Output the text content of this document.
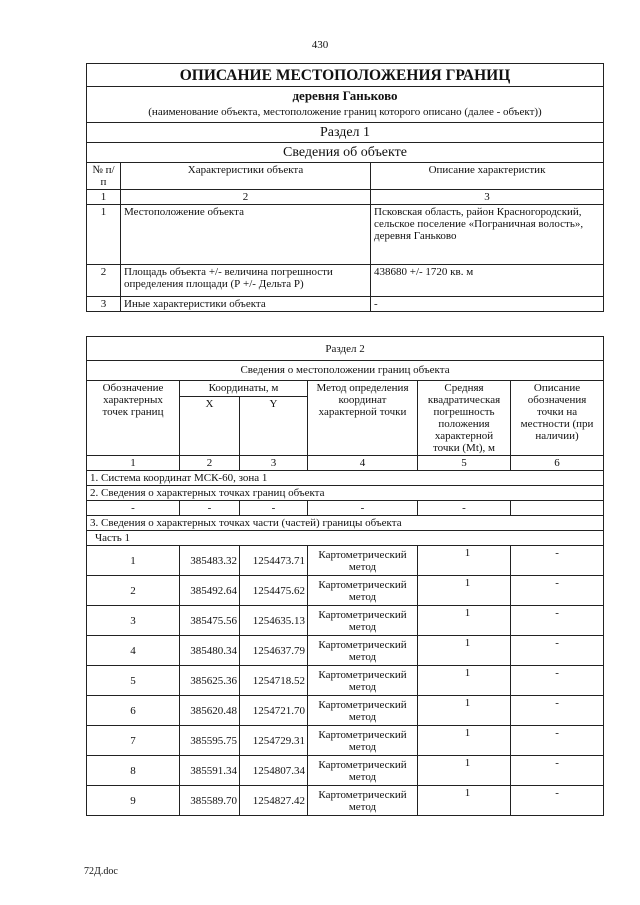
430
ОПИСАНИЕ МЕСТОПОЛОЖЕНИЯ ГРАНИЦ		
деревня Ганьково		
(наименование объекта, местоположение границ которого описано (далее - объект))		
Раздел 1		
Сведения об объекте		
№ п/п	Характеристики объекта	Описание характеристик
1	2	3
1	Местоположение объекта	Псковская область, район Красногородский, сельское поселение «Пограничная волость», деревня Ганьково
2	Площадь объекта +/- величина погрешности определения площади (Р +/- Дельта Р)	438680 +/- 1720 кв. м
3	Иные характеристики объекта	-
Раздел 2					
Сведения о местоположении границ объекта					
Обозначение характерных точек границ	Координаты, м		Метод определения координат характерной точки	Средняя квадратическая погрешность положения характерной точки (Mt), м	Описание обозначения точки на местности (при наличии)
	X	Y			
1	2	3	4	5	6
1. Система координат МСК-60, зона 1					
2. Сведения о характерных точках границ объекта					
-	-	-	-	-	
3. Сведения о характерных точках части (частей) границы объекта					
Часть 1					
1	385483.32	1254473.71	Картометрический метод	1	-
2	385492.64	1254475.62	Картометрический метод	1	-
3	385475.56	1254635.13	Картометрический метод	1	-
4	385480.34	1254637.79	Картометрический метод	1	-
5	385625.36	1254718.52	Картометрический метод	1	-
6	385620.48	1254721.70	Картометрический метод	1	-
7	385595.75	1254729.31	Картометрический метод	1	-
8	385591.34	1254807.34	Картометрический метод	1	-
9	385589.70	1254827.42	Картометрический метод	1	-
72Д.doc
